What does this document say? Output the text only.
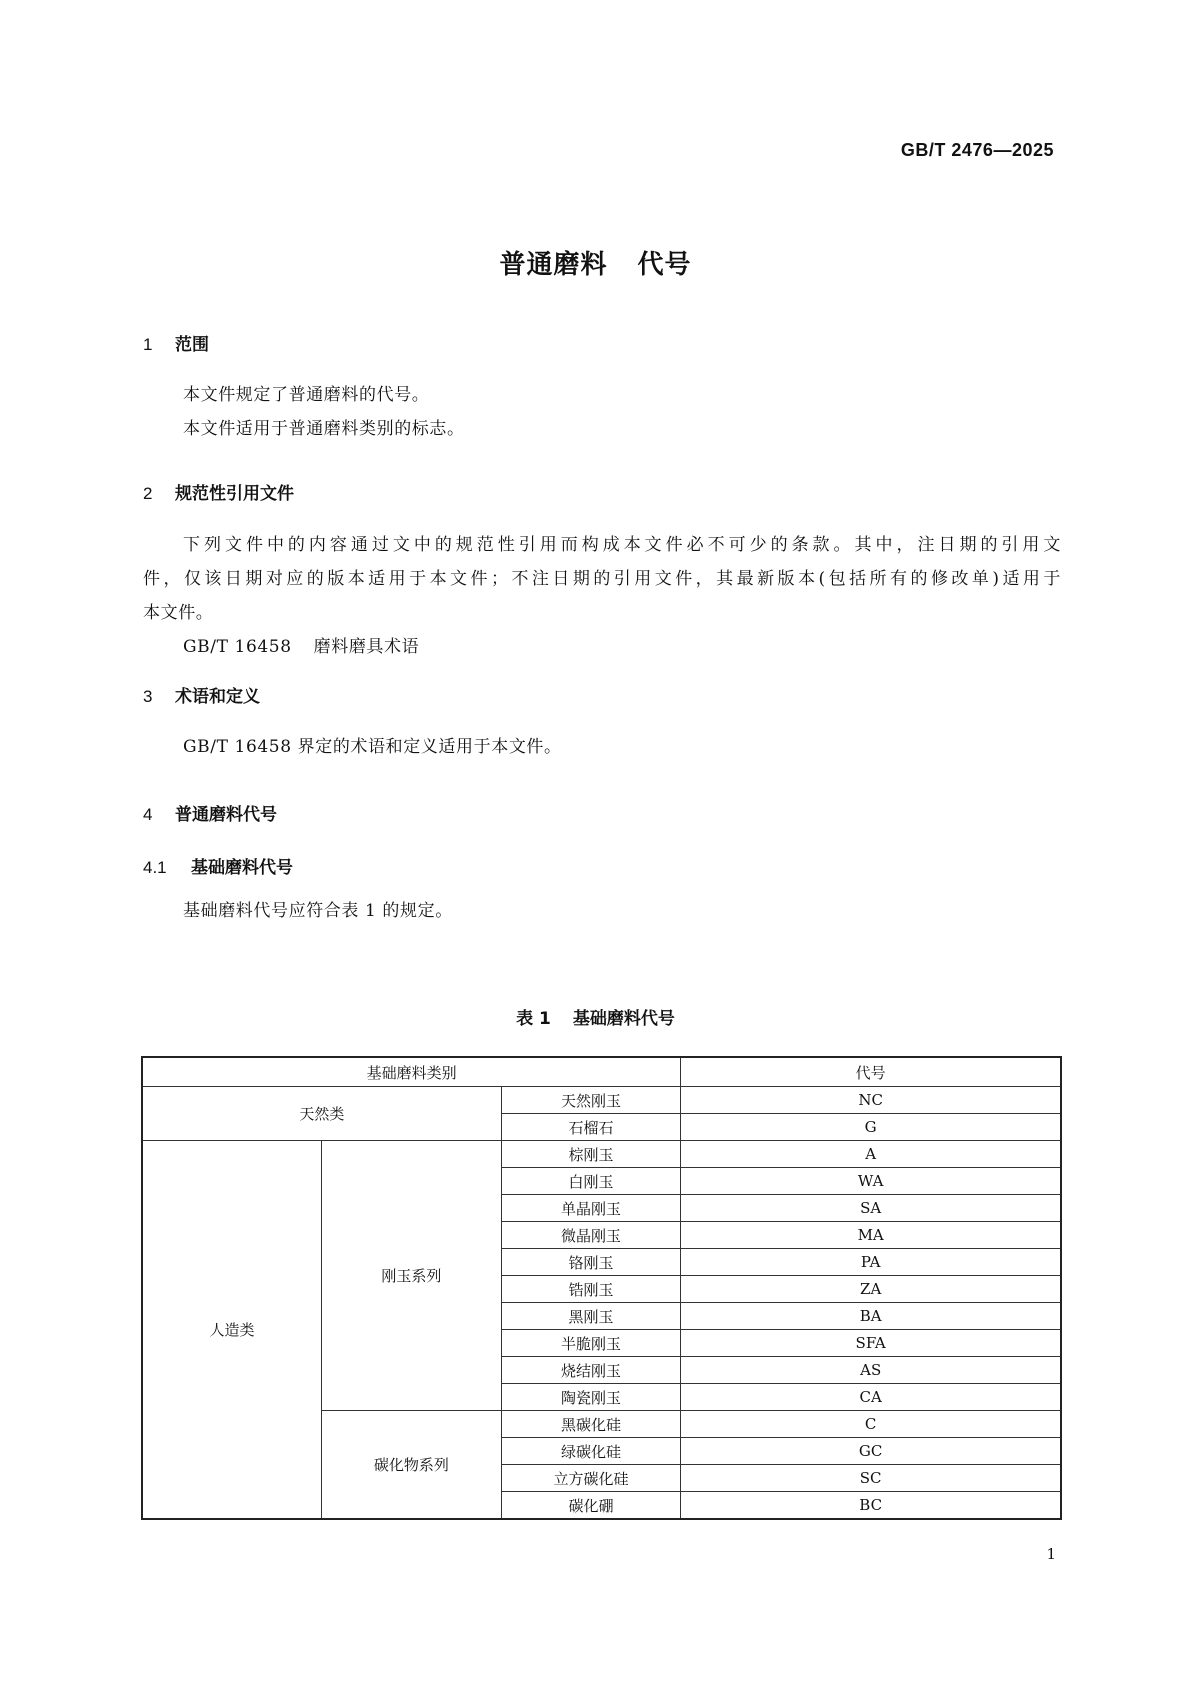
GB/T 2476—2025
普通磨料 代号
1 范围
本文件规定了普通磨料的代号。
本文件适用于普通磨料类别的标志。
2 规范性引用文件
下列文件中的内容通过文中的规范性引用而构成本文件必不可少的条款。其中，注日期的引用文
件，仅该日期对应的版本适用于本文件；不注日期的引用文件，其最新版本(包括所有的修改单)适用于
本文件。
GB/T 16458 磨料磨具术语
3 术语和定义
GB/T 16458 界定的术语和定义适用于本文件。
4 普通磨料代号
4.1 基础磨料代号
基础磨料代号应符合表 1 的规定。
表 1 基础磨料代号
基础磨料类别			代号
天然类		天然刚玉	NC
		石榴石	G
人造类	刚玉系列	棕刚玉	A
		白刚玉	WA
		单晶刚玉	SA
		微晶刚玉	MA
		铬刚玉	PA
		锆刚玉	ZA
		黑刚玉	BA
		半脆刚玉	SFA
		烧结刚玉	AS
		陶瓷刚玉	CA
	碳化物系列	黑碳化硅	C
		绿碳化硅	GC
		立方碳化硅	SC
		碳化硼	BC
1
